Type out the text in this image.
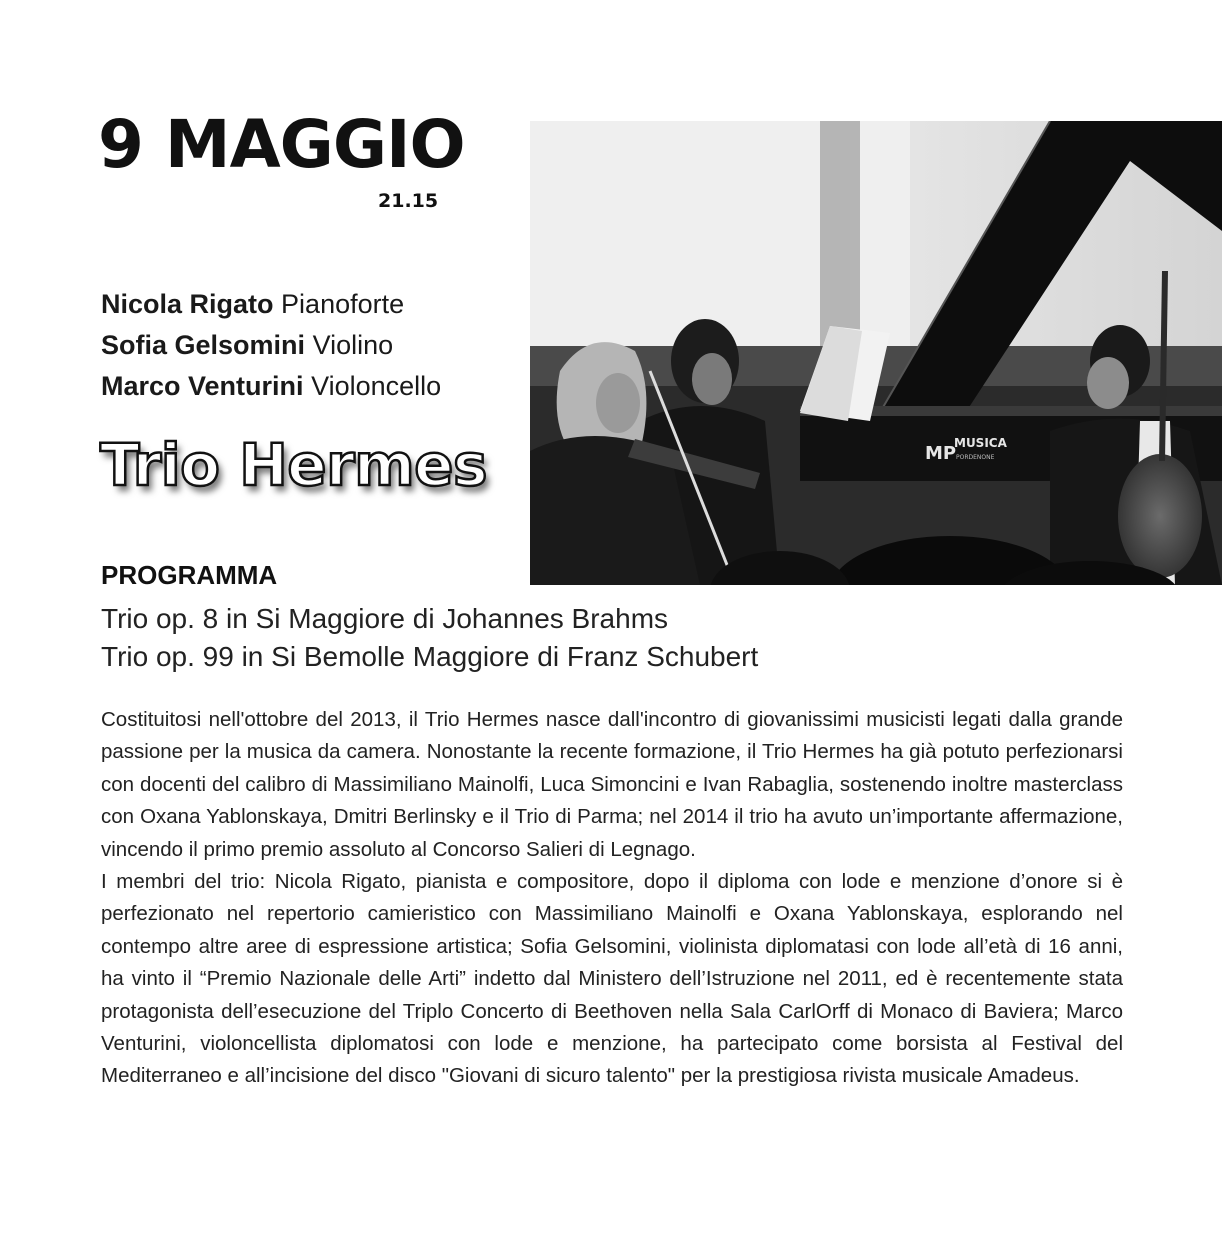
9 MAGGIO
21.15
Nicola Rigato Pianoforte
Sofia Gelsomini Violino
Marco Venturini Violoncello
Trio Hermes	MP
MUSICA
PORDENONE
PROGRAMMA
Trio op. 8 in Si Maggiore di Johannes Brahms
Trio op. 99 in Si Bemolle Maggiore di Franz Schubert

Costituitosi nell'ottobre del 2013, il Trio Hermes nasce dall'incontro di giovanissimi musicisti legati dalla grande passione per la musica da camera. Nonostante la recente formazione, il Trio Hermes ha già potuto perfezionarsi con docenti del calibro di Massimiliano Mainolfi, Luca Simoncini e Ivan Rabaglia, sostenendo inoltre masterclass con Oxana Yablonskaya, Dmitri Berlinsky e il Trio di Parma; nel 2014 il trio ha avuto un’importante affermazione, vincendo il primo premio assoluto al Concorso Salieri di Legnago.

I membri del trio: Nicola Rigato, pianista e compositore, dopo il diploma con lode e menzione d’onore si è perfezionato nel repertorio camieristico con Massimiliano Mainolfi e Oxana Yablonskaya, esplorando nel contempo altre aree di espressione artistica; Sofia Gelsomini, violinista diplomatasi con lode all’età di 16 anni, ha vinto il “Premio Nazionale delle Arti” indetto dal Ministero dell’Istruzione nel 2011, ed è recentemente stata protagonista dell’esecuzione del Triplo Concerto di Beethoven nella Sala CarlOrff di Monaco di Baviera; Marco Venturini, violoncellista diplomatosi con lode e menzione, ha partecipato come borsista al Festival del Mediterraneo e all’incisione del disco "Giovani di sicuro talento" per la prestigiosa rivista musicale Amadeus.
